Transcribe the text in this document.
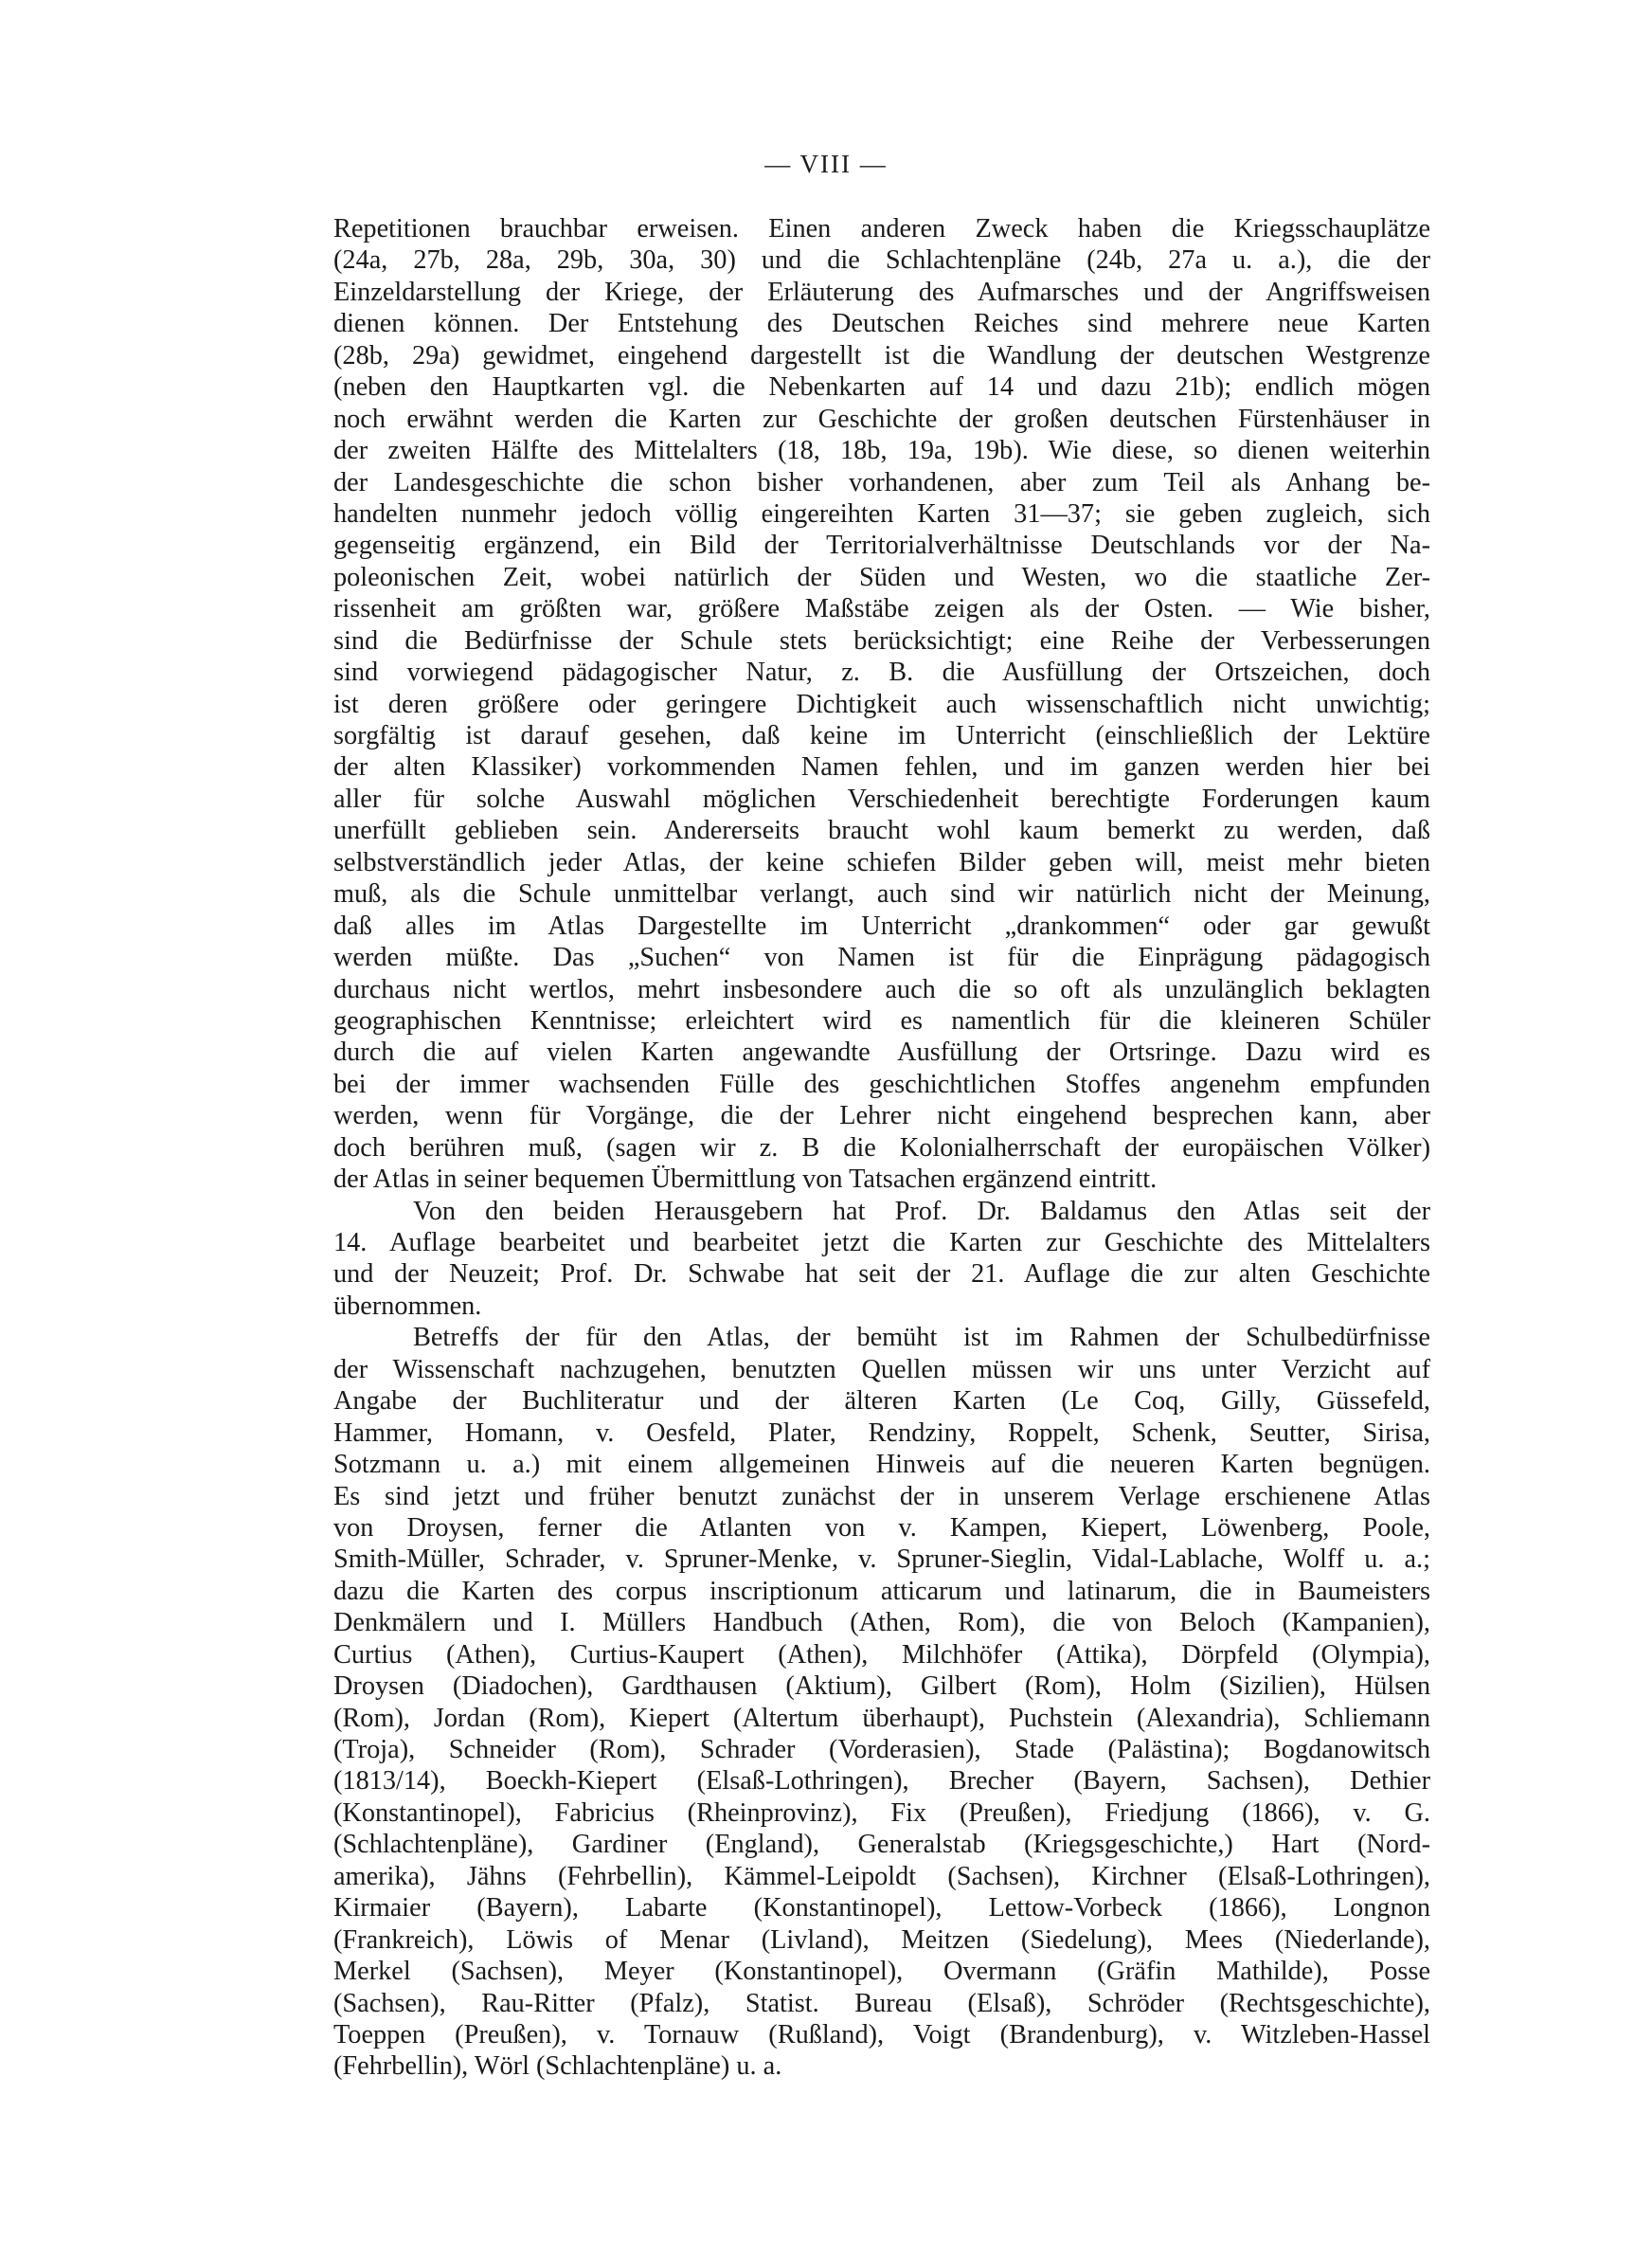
— VIII —
Repetitionen brauchbar erweisen. Einen anderen Zweck haben die Kriegsschauplätze
(24a, 27b, 28a, 29b, 30a, 30) und die Schlachtenpläne (24b, 27a u. a.), die der
Einzeldarstellung der Kriege, der Erläuterung des Aufmarsches und der Angriffsweisen
dienen können. Der Entstehung des Deutschen Reiches sind mehrere neue Karten
(28b, 29a) gewidmet, eingehend dargestellt ist die Wandlung der deutschen Westgrenze
(neben den Hauptkarten vgl. die Nebenkarten auf 14 und dazu 21b); endlich mögen
noch erwähnt werden die Karten zur Geschichte der großen deutschen Fürstenhäuser in
der zweiten Hälfte des Mittelalters (18, 18b, 19a, 19b). Wie diese, so dienen weiterhin
der Landesgeschichte die schon bisher vorhandenen, aber zum Teil als Anhang be-
handelten nunmehr jedoch völlig eingereihten Karten 31—37; sie geben zugleich, sich
gegenseitig ergänzend, ein Bild der Territorialverhältnisse Deutschlands vor der Na-
poleonischen Zeit, wobei natürlich der Süden und Westen, wo die staatliche Zer-
rissenheit am größten war, größere Maßstäbe zeigen als der Osten. — Wie bisher,
sind die Bedürfnisse der Schule stets berücksichtigt; eine Reihe der Verbesserungen
sind vorwiegend pädagogischer Natur, z. B. die Ausfüllung der Ortszeichen, doch
ist deren größere oder geringere Dichtigkeit auch wissenschaftlich nicht unwichtig;
sorgfältig ist darauf gesehen, daß keine im Unterricht (einschließlich der Lektüre
der alten Klassiker) vorkommenden Namen fehlen, und im ganzen werden hier bei
aller für solche Auswahl möglichen Verschiedenheit berechtigte Forderungen kaum
unerfüllt geblieben sein. Andererseits braucht wohl kaum bemerkt zu werden, daß
selbstverständlich jeder Atlas, der keine schiefen Bilder geben will, meist mehr bieten
muß, als die Schule unmittelbar verlangt, auch sind wir natürlich nicht der Meinung,
daß alles im Atlas Dargestellte im Unterricht „drankommen“ oder gar gewußt
werden müßte. Das „Suchen“ von Namen ist für die Einprägung pädagogisch
durchaus nicht wertlos, mehrt insbesondere auch die so oft als unzulänglich beklagten
geographischen Kenntnisse; erleichtert wird es namentlich für die kleineren Schüler
durch die auf vielen Karten angewandte Ausfüllung der Ortsringe. Dazu wird es
bei der immer wachsenden Fülle des geschichtlichen Stoffes angenehm empfunden
werden, wenn für Vorgänge, die der Lehrer nicht eingehend besprechen kann, aber
doch berühren muß, (sagen wir z. B die Kolonialherrschaft der europäischen Völker)
der Atlas in seiner bequemen Übermittlung von Tatsachen ergänzend eintritt.
Von den beiden Herausgebern hat Prof. Dr. Baldamus den Atlas seit der
14. Auflage bearbeitet und bearbeitet jetzt die Karten zur Geschichte des Mittelalters
und der Neuzeit; Prof. Dr. Schwabe hat seit der 21. Auflage die zur alten Geschichte
übernommen.
Betreffs der für den Atlas, der bemüht ist im Rahmen der Schulbedürfnisse
der Wissenschaft nachzugehen, benutzten Quellen müssen wir uns unter Verzicht auf
Angabe der Buchliteratur und der älteren Karten (Le Coq, Gilly, Güssefeld,
Hammer, Homann, v. Oesfeld, Plater, Rendziny, Roppelt, Schenk, Seutter, Sirisa,
Sotzmann u. a.) mit einem allgemeinen Hinweis auf die neueren Karten begnügen.
Es sind jetzt und früher benutzt zunächst der in unserem Verlage erschienene Atlas
von Droysen, ferner die Atlanten von v. Kampen, Kiepert, Löwenberg, Poole,
Smith-Müller, Schrader, v. Spruner-Menke, v. Spruner-Sieglin, Vidal-Lablache, Wolff u. a.;
dazu die Karten des corpus inscriptionum atticarum und latinarum, die in Baumeisters
Denkmälern und I. Müllers Handbuch (Athen, Rom), die von Beloch (Kampanien),
Curtius (Athen), Curtius-Kaupert (Athen), Milchhöfer (Attika), Dörpfeld (Olympia),
Droysen (Diadochen), Gardthausen (Aktium), Gilbert (Rom), Holm (Sizilien), Hülsen
(Rom), Jordan (Rom), Kiepert (Altertum überhaupt), Puchstein (Alexandria), Schliemann
(Troja), Schneider (Rom), Schrader (Vorderasien), Stade (Palästina); Bogdanowitsch
(1813/14), Boeckh-Kiepert (Elsaß-Lothringen), Brecher (Bayern, Sachsen), Dethier
(Konstantinopel), Fabricius (Rheinprovinz), Fix (Preußen), Friedjung (1866), v. G.
(Schlachtenpläne), Gardiner (England), Generalstab (Kriegsgeschichte,) Hart (Nord-
amerika), Jähns (Fehrbellin), Kämmel-Leipoldt (Sachsen), Kirchner (Elsaß-Lothringen),
Kirmaier (Bayern), Labarte (Konstantinopel), Lettow-Vorbeck (1866), Longnon
(Frankreich), Löwis of Menar (Livland), Meitzen (Siedelung), Mees (Niederlande),
Merkel (Sachsen), Meyer (Konstantinopel), Overmann (Gräfin Mathilde), Posse
(Sachsen), Rau-Ritter (Pfalz), Statist. Bureau (Elsaß), Schröder (Rechtsgeschichte),
Toeppen (Preußen), v. Tornauw (Rußland), Voigt (Brandenburg), v. Witzleben-Hassel
(Fehrbellin), Wörl (Schlachtenpläne) u. a.
